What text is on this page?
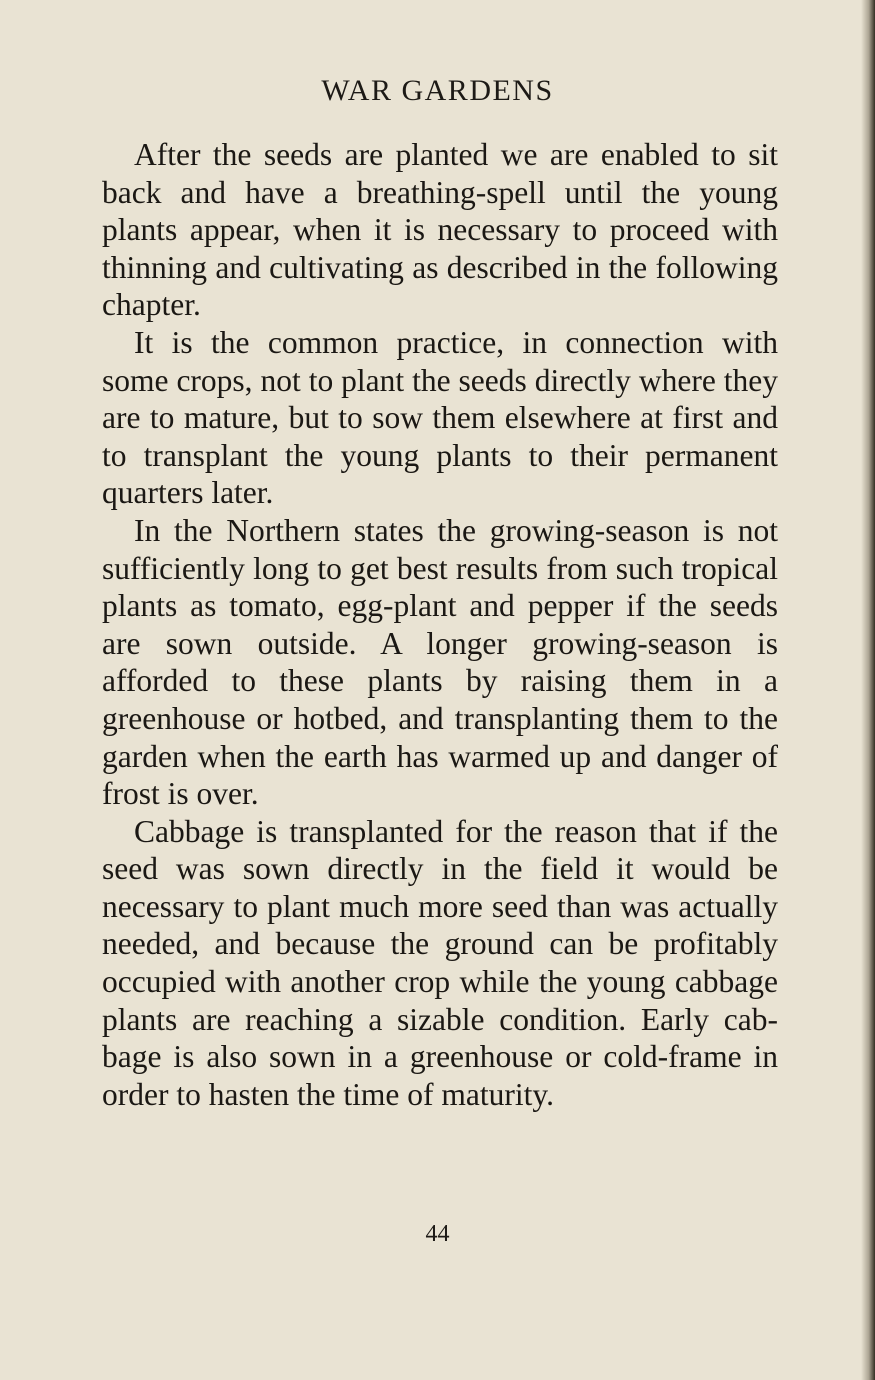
WAR GARDENS

After the seeds are planted we are enabled to sit back and have a breathing-spell until the young plants appear, when it is necessary to proceed with thinning and cultivating as described in the following chapter.

It is the common practice, in connection with some crops, not to plant the seeds directly where they are to mature, but to sow them elsewhere at first and to transplant the young plants to their permanent quarters later.

In the Northern states the growing-season is not sufficiently long to get best results from such tropical plants as tomato, egg-plant and pepper if the seeds are sown outside. A longer growing-season is afforded to these plants by raising them in a greenhouse or hotbed, and transplanting them to the garden when the earth has warmed up and danger of frost is over.

Cabbage is transplanted for the reason that if the seed was sown directly in the field it would be necessary to plant much more seed than was actually needed, and because the ground can be profitably occupied with another crop while the young cabbage plants are reaching a sizable condition. Early cab-bage is also sown in a greenhouse or cold-frame in order to hasten the time of maturity.

44
